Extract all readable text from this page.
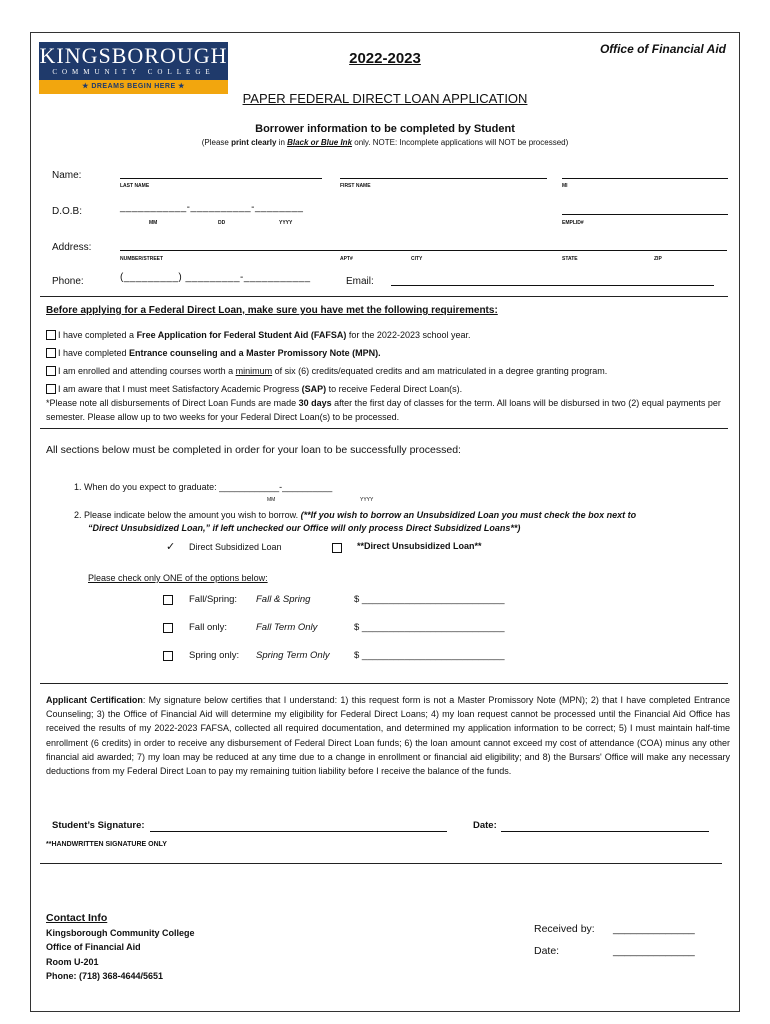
KINGSBOROUGH
COMMUNITY COLLEGE
★ DREAMS BEGIN HERE ★
2022-2023
Office of Financial Aid
PAPER FEDERAL DIRECT LOAN APPLICATION
Borrower information to be completed by Student
(Please print clearly in Black or Blue Ink only. NOTE: Incomplete applications will NOT be processed)
Name:
LAST NAME	FIRST NAME	MI
D.O.B:	___________-__________-________
MM	DD	YYYY	EMPLID#
Address:
NUMBER/STREET	APT#	CITY	STATE	ZIP
Phone:	(_________) _________-___________	Email:
Before applying for a Federal Direct Loan, make sure you have met the following requirements:
I have completed a Free Application for Federal Student Aid (FAFSA) for the 2022-2023 school year.
I have completed Entrance counseling and a Master Promissory Note (MPN).
I am enrolled and attending courses worth a minimum of six (6) credits/equated credits and am matriculated in a degree granting program.
I am aware that I must meet Satisfactory Academic Progress (SAP) to receive Federal Direct Loan(s).
*Please note all disbursements of Direct Loan Funds are made 30 days after the first day of classes for the term. All loans will be disbursed in two (2) equal payments per semester. Please allow up to two weeks for your Federal Direct Loan(s) to be processed.
All sections below must be completed in order for your loan to be successfully processed:
1. When do you expect to graduate: ____________-__________
MM	YYYY
2. Please indicate below the amount you wish to borrow. (**If you wish to borrow an Unsubsidized Loan you must check the box next to
“Direct Unsubsidized Loan,” if left unchecked our Office will only process Direct Subsidized Loans**)
✓ Direct Subsidized Loan	**Direct Unsubsidized Loan**
Please check only ONE of the options below:
Fall/Spring: Fall & Spring	$ ___________________________
Fall only:	Fall Term Only	$ ___________________________
Spring only: Spring Term Only	$ ___________________________
Applicant Certification: My signature below certifies that I understand: 1) this request form is not a Master Promissory Note (MPN); 2) that I have completed Entrance Counseling; 3) the Office of Financial Aid will determine my eligibility for Federal Direct Loans; 4) my loan request cannot be processed until the Financial Aid Office has received the results of my 2022-2023 FAFSA, collected all required documentation, and determined my application information to be correct; 5) I must maintain half-time enrollment (6 credits) in order to receive any disbursement of Federal Direct Loan funds; 6) the loan amount cannot exceed my cost of attendance (COA) minus any other financial aid awarded; 7) my loan may be reduced at any time due to a change in enrollment or financial aid eligibility; and 8) the Bursars' Office will make any necessary deductions from my Federal Direct Loan to pay my remaining tuition liability before I receive the balance of the funds.
Student’s Signature:	Date:
**HANDWRITTEN SIGNATURE ONLY
Contact Info
Kingsborough Community College
Office of Financial Aid
Room U-201
Phone: (718) 368-4644/5651
Received by: ______________
Date:	______________
